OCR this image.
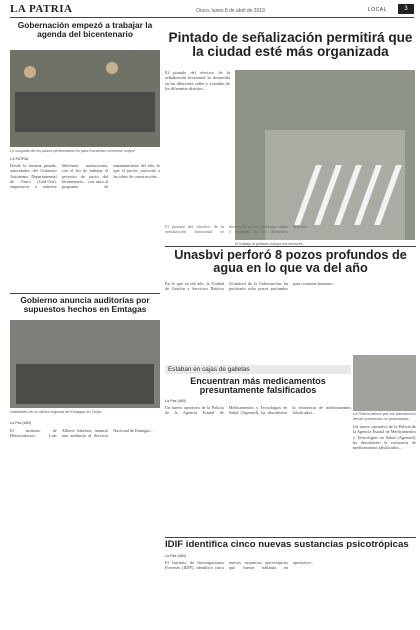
LA PATRIA	Oruro, lunes 8 de abril de 2019	LOCAL	3
Gobernación empezó a trabajar la agenda del bicentenario
Lo ocupado de los pases performados en para encuentro tormenta' mayor.
LA PATRIA
Desde la semana pasada, autoridades del Gobierno Autónomo Departamental de Oruro (Gad-Oru), empezaron a reunirse diferentes instituciones, con el fin de trabajar el proyecto de pacto del bicentenario... con mira al programa de mantenimiento del año, lo que el jueves conocido a las ideas de construcción...
Pintado de señalización permitirá que la ciudad esté más organizada
El pintado del efectivo de la señalización horizontal se desarrolla en las diferentes calles y avenidas de los diferentes distritos...
El trabajo al pintado incluye los sectores.
El pintado del efectivo de la señalización horizontal se desarrolla en las diferentes calles y avenidas de los diferentes distritos...
Gobierno anuncia auditorías por supuestos hechos en Emtagas
Habitantes en la oficina regional de Emtagas en Tarija.
La Paz (ABI)
El ministro de Hidrocarburos, Luis Alberto Sánchez, anunció una auditoría al Servicio Nacional de Emtagas...
Unasbvi perforó 8 pozos profundos de agua en lo que va del año
En lo que va del año, la Unidad de Gestión y Servicios Básicos (Unasbvi) de la Gobernación, ha perforado ocho pozos profundos para consumo humano...
La Policía afirma que los laboratorios tenían sustancias no autorizadas.
Estaban en cajas de galletas
Encuentran más medicamentos presuntamente falsificados
La Paz (ABI)
Un nuevo operativo de la Policía de la Agencia Estatal de Medicamentos y Tecnologías en Salud (Agemed), ha descubierto la existencia de medicamentos falsificados...
Un nuevo operativo de la Policía de la Agencia Estatal de Medicamentos y Tecnologías en Salud (Agemed), ha descubierto la existencia de medicamentos falsificados...
IDIF identifica cinco nuevas sustancias psicotrópicas
La Paz (ABI)
El Instituto de Investigaciones Forenses (IDIF), identificó cinco nuevas sustancias psicotrópicas que fueron halladas en operativos...
